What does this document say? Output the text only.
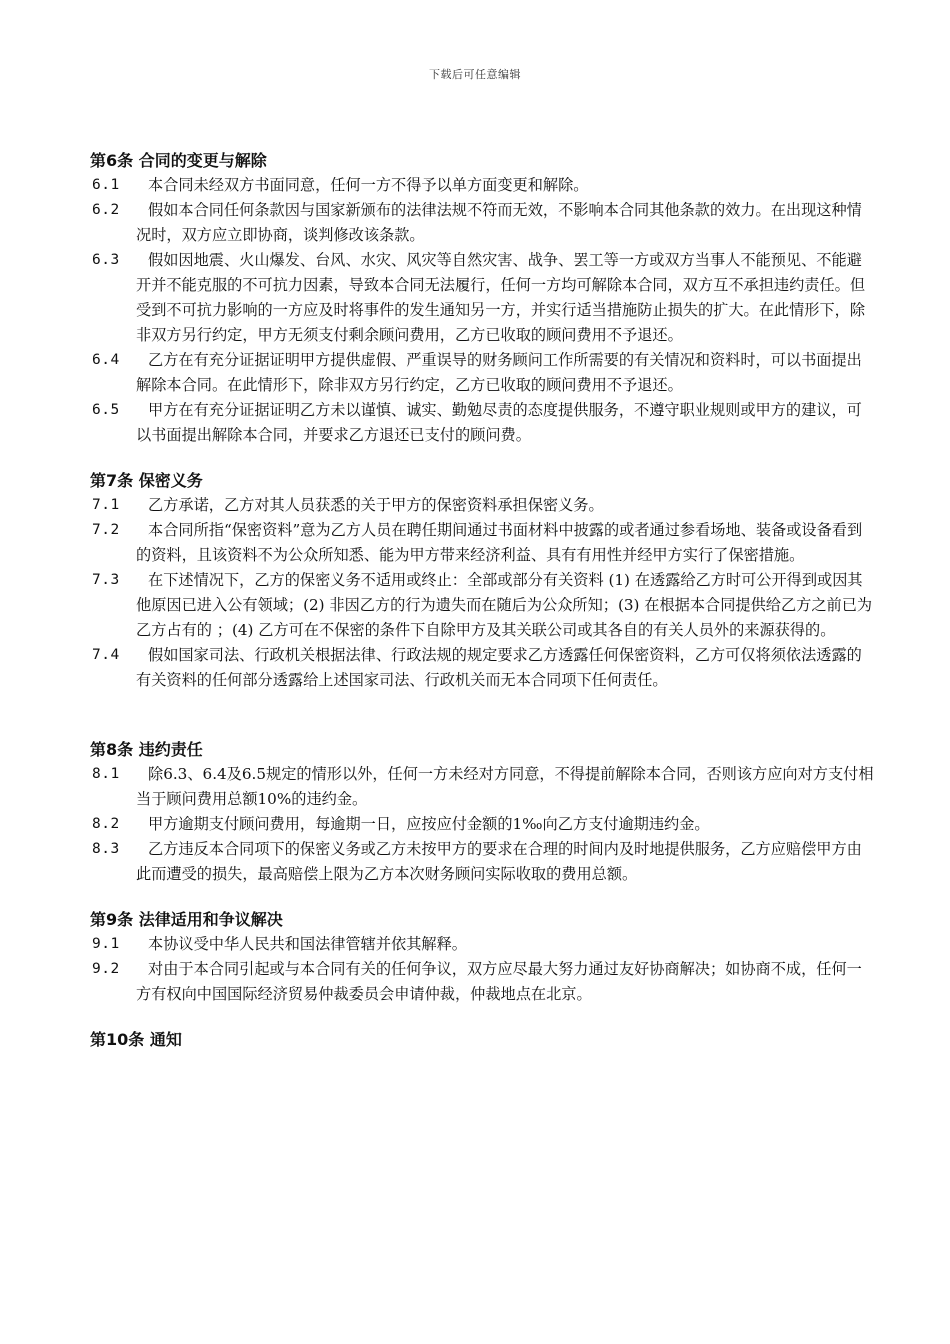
下载后可任意编辑
第6条 合同的变更与解除
6.1	本合同未经双方书面同意，任何一方不得予以单方面变更和解除。
6.2	假如本合同任何条款因与国家新颁布的法律法规不符而无效，不影响本合同其他条款的效力。在出现这种情况时，双方应立即协商，谈判修改该条款。
6.3	假如因地震、火山爆发、台风、水灾、风灾等自然灾害、战争、罢工等一方或双方当事人不能预见、不能避开并不能克服的不可抗力因素，导致本合同无法履行，任何一方均可解除本合同，双方互不承担违约责任。但受到不可抗力影响的一方应及时将事件的发生通知另一方，并实行适当措施防止损失的扩大。在此情形下，除非双方另行约定，甲方无须支付剩余顾问费用，乙方已收取的顾问费用不予退还。
6.4	乙方在有充分证据证明甲方提供虚假、严重误导的财务顾问工作所需要的有关情况和资料时，可以书面提出解除本合同。在此情形下，除非双方另行约定，乙方已收取的顾问费用不予退还。
6.5	甲方在有充分证据证明乙方未以谨慎、诚实、勤勉尽责的态度提供服务，不遵守职业规则或甲方的建议，可以书面提出解除本合同，并要求乙方退还已支付的顾问费。
第7条 保密义务
7.1	乙方承诺，乙方对其人员获悉的关于甲方的保密资料承担保密义务。
7.2	本合同所指“保密资料”意为乙方人员在聘任期间通过书面材料中披露的或者通过参看场地、装备或设备看到的资料，且该资料不为公众所知悉、能为甲方带来经济利益、具有有用性并经甲方实行了保密措施。
7.3	在下述情况下，乙方的保密义务不适用或终止：全部或部分有关资料 (1) 在透露给乙方时可公开得到或因其他原因已进入公有领域；(2) 非因乙方的行为遗失而在随后为公众所知；(3) 在根据本合同提供给乙方之前已为乙方占有的 ；(4) 乙方可在不保密的条件下自除甲方及其关联公司或其各自的有关人员外的来源获得的。
7.4	假如国家司法、行政机关根据法律、行政法规的规定要求乙方透露任何保密资料，乙方可仅将须依法透露的有关资料的任何部分透露给上述国家司法、行政机关而无本合同项下任何责任。
第8条 违约责任
8.1	除6.3、6.4及6.5规定的情形以外，任何一方未经对方同意，不得提前解除本合同，否则该方应向对方支付相当于顾问费用总额10%的违约金。
8.2	甲方逾期支付顾问费用，每逾期一日，应按应付金额的1‰向乙方支付逾期违约金。
8.3	乙方违反本合同项下的保密义务或乙方未按甲方的要求在合理的时间内及时地提供服务，乙方应赔偿甲方由此而遭受的损失，最高赔偿上限为乙方本次财务顾问实际收取的费用总额。
第9条 法律适用和争议解决
9.1	本协议受中华人民共和国法律管辖并依其解释。
9.2	对由于本合同引起或与本合同有关的任何争议，双方应尽最大努力通过友好协商解决；如协商不成，任何一方有权向中国国际经济贸易仲裁委员会申请仲裁，仲裁地点在北京。
第10条 通知
